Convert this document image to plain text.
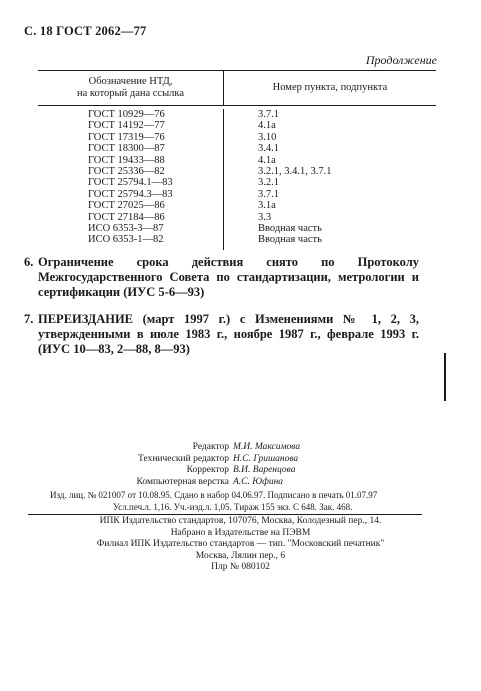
С. 18 ГОСТ 2062—77
Продолжение
Обозначение НТД,
на который дана ссылка
Номер пункта, подпункта
ГОСТ 10929—76
ГОСТ 14192—77
ГОСТ 17319—76
ГОСТ 18300—87
ГОСТ 19433—88
ГОСТ 25336—82
ГОСТ 25794.1—83
ГОСТ 25794.3—83
ГОСТ 27025—86
ГОСТ 27184—86
ИСО 6353-3—87
ИСО 6353-1—82
3.7.1
4.1а
3.10
3.4.1
4.1а
3.2.1, 3.4.1, 3.7.1
3.2.1
3.7.1
3.1а
3.3
Вводная часть
Вводная часть
6. Ограничение срока действия снято по Протоколу Межгосударственного Совета по стандартизации, метрологии и сертификации (ИУС 5-6—93)
7. ПЕРЕИЗДАНИЕ (март 1997 г.) с Изменениями № 1, 2, 3, утвержденными в июле 1983 г., ноябре 1987 г., феврале 1993 г. (ИУС 10—83, 2—88, 8—93)
Редактор М.И. Максимова
Технический редактор Н.С. Гришанова
Корректор В.И. Варенцова
Компьютерная верстка А.С. Юфина
Изд. лиц. № 021007 от 10.08.95. Сдано в набор 04.06.97. Подписано в печать 01.07.97
Усл.печ.л. 1,16. Уч.-изд.л. 1,05. Тираж 155 экз. С 648. Зак. 468.
ИПК Издательство стандартов, 107076, Москва, Колодезный пер., 14.
Набрано в Издательстве на ПЭВМ
Филиал ИПК Издательство стандартов — тип. "Московский печатник"
Москва, Лялин пер., 6
Плр № 080102
